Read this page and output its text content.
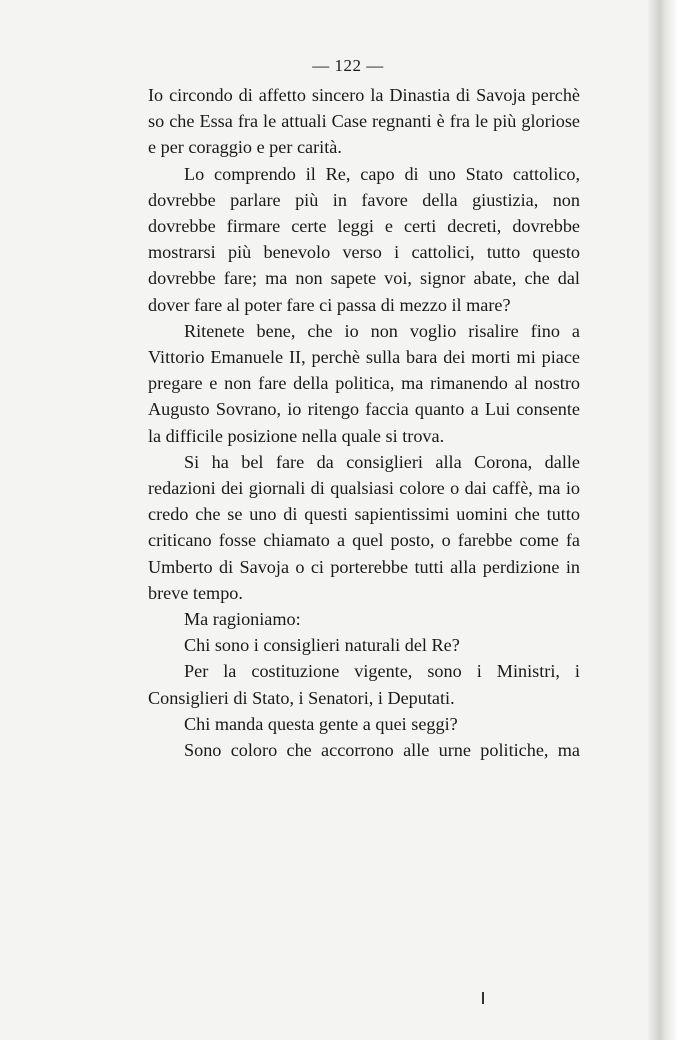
— 122 —

Io circondo di affetto sincero la Dinastia di Savoja perchè so che Essa fra le attuali Case regnanti è fra le più gloriose e per coraggio e per carità.

Lo comprendo il Re, capo di uno Stato cattolico, dovrebbe parlare più in favore della giustizia, non dovrebbe firmare certe leggi e certi decreti, dovrebbe mostrarsi più benevolo verso i cattolici, tutto questo dovrebbe fare; ma non sapete voi, signor abate, che dal dover fare al poter fare ci passa di mezzo il mare?

Ritenete bene, che io non voglio risalire fino a Vittorio Emanuele II, perchè sulla bara dei morti mi piace pregare e non fare della politica, ma rimanendo al nostro Augusto Sovrano, io ritengo faccia quanto a Lui consente la difficile posizione nella quale si trova.

Si ha bel fare da consiglieri alla Corona, dalle redazioni dei giornali di qualsiasi colore o dai caffè, ma io credo che se uno di questi sapientissimi uomini che tutto criticano fosse chiamato a quel posto, o farebbe come fa Umberto di Savoja o ci porterebbe tutti alla perdizione in breve tempo.

Ma ragioniamo:

Chi sono i consiglieri naturali del Re?

Per la costituzione vigente, sono i Ministri, i Consiglieri di Stato, i Senatori, i Deputati.

Chi manda questa gente a quei seggi?

Sono coloro che accorrono alle urne politiche, ma
